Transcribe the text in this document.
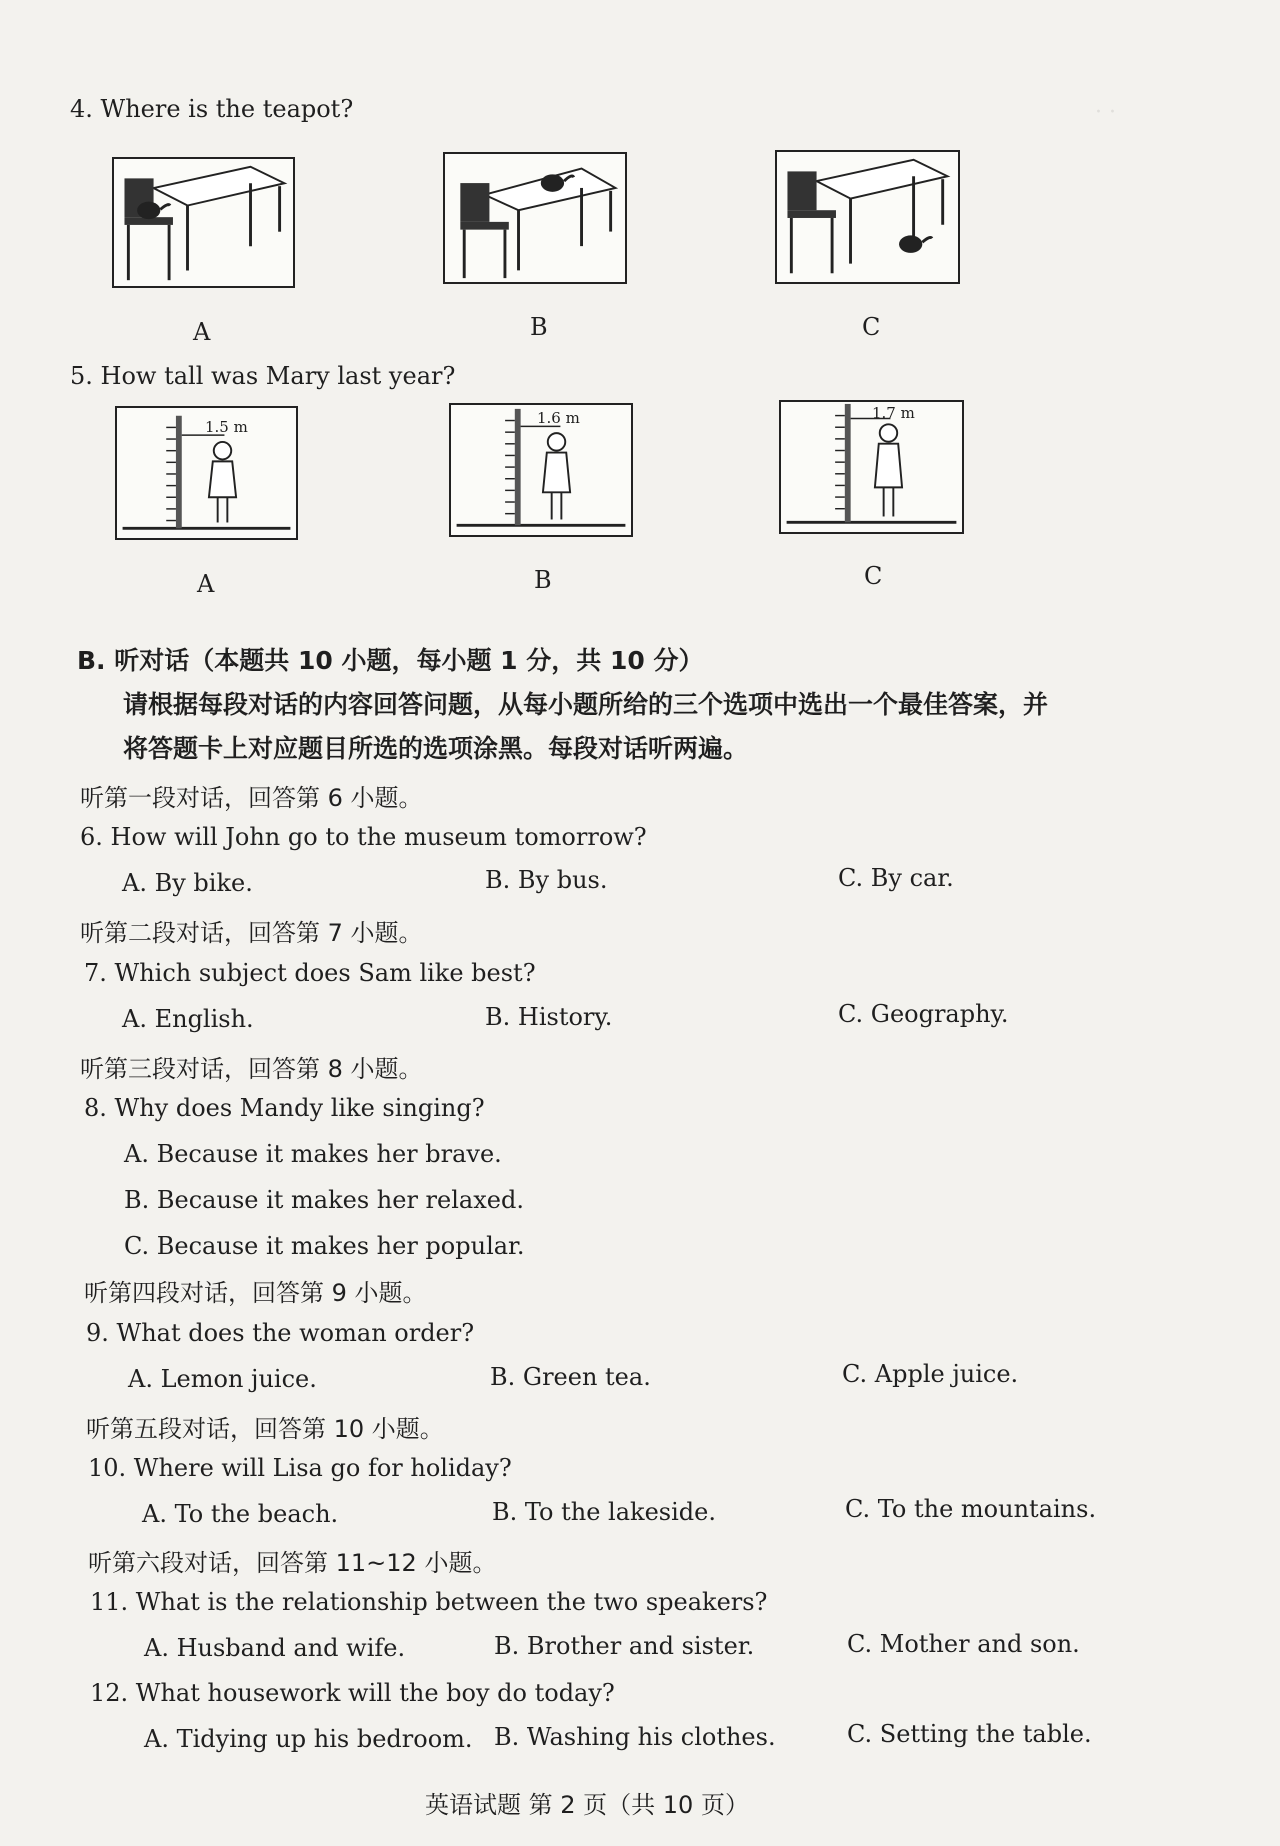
· ·
4. Where is the teapot?
A	B	C
5. How tall was Mary last year?
1.5 m
A
1.6 m
B
1.7 m
C
B. 听对话（本题共 10 小题，每小题 1 分，共 10 分）
请根据每段对话的内容回答问题，从每小题所给的三个选项中选出一个最佳答案，并
将答题卡上对应题目所选的选项涂黑。每段对话听两遍。
听第一段对话，回答第 6 小题。
6. How will John go to the museum tomorrow?
A. By bike.	B. By bus.	C. By car.
听第二段对话，回答第 7 小题。
7. Which subject does Sam like best?
A. English.	B. History.	C. Geography.
听第三段对话，回答第 8 小题。
8. Why does Mandy like singing?
A. Because it makes her brave.
B. Because it makes her relaxed.
C. Because it makes her popular.
听第四段对话，回答第 9 小题。
9. What does the woman order?
A. Lemon juice.	B. Green tea.	C. Apple juice.
听第五段对话，回答第 10 小题。
10. Where will Lisa go for holiday?
A. To the beach.	B. To the lakeside.	C. To the mountains.
听第六段对话，回答第 11~12 小题。
11. What is the relationship between the two speakers?
A. Husband and wife.	B. Brother and sister.	C. Mother and son.
12. What housework will the boy do today?
A. Tidying up his bedroom. B. Washing his clothes.	C. Setting the table.
英语试题 第 2 页（共 10 页）
